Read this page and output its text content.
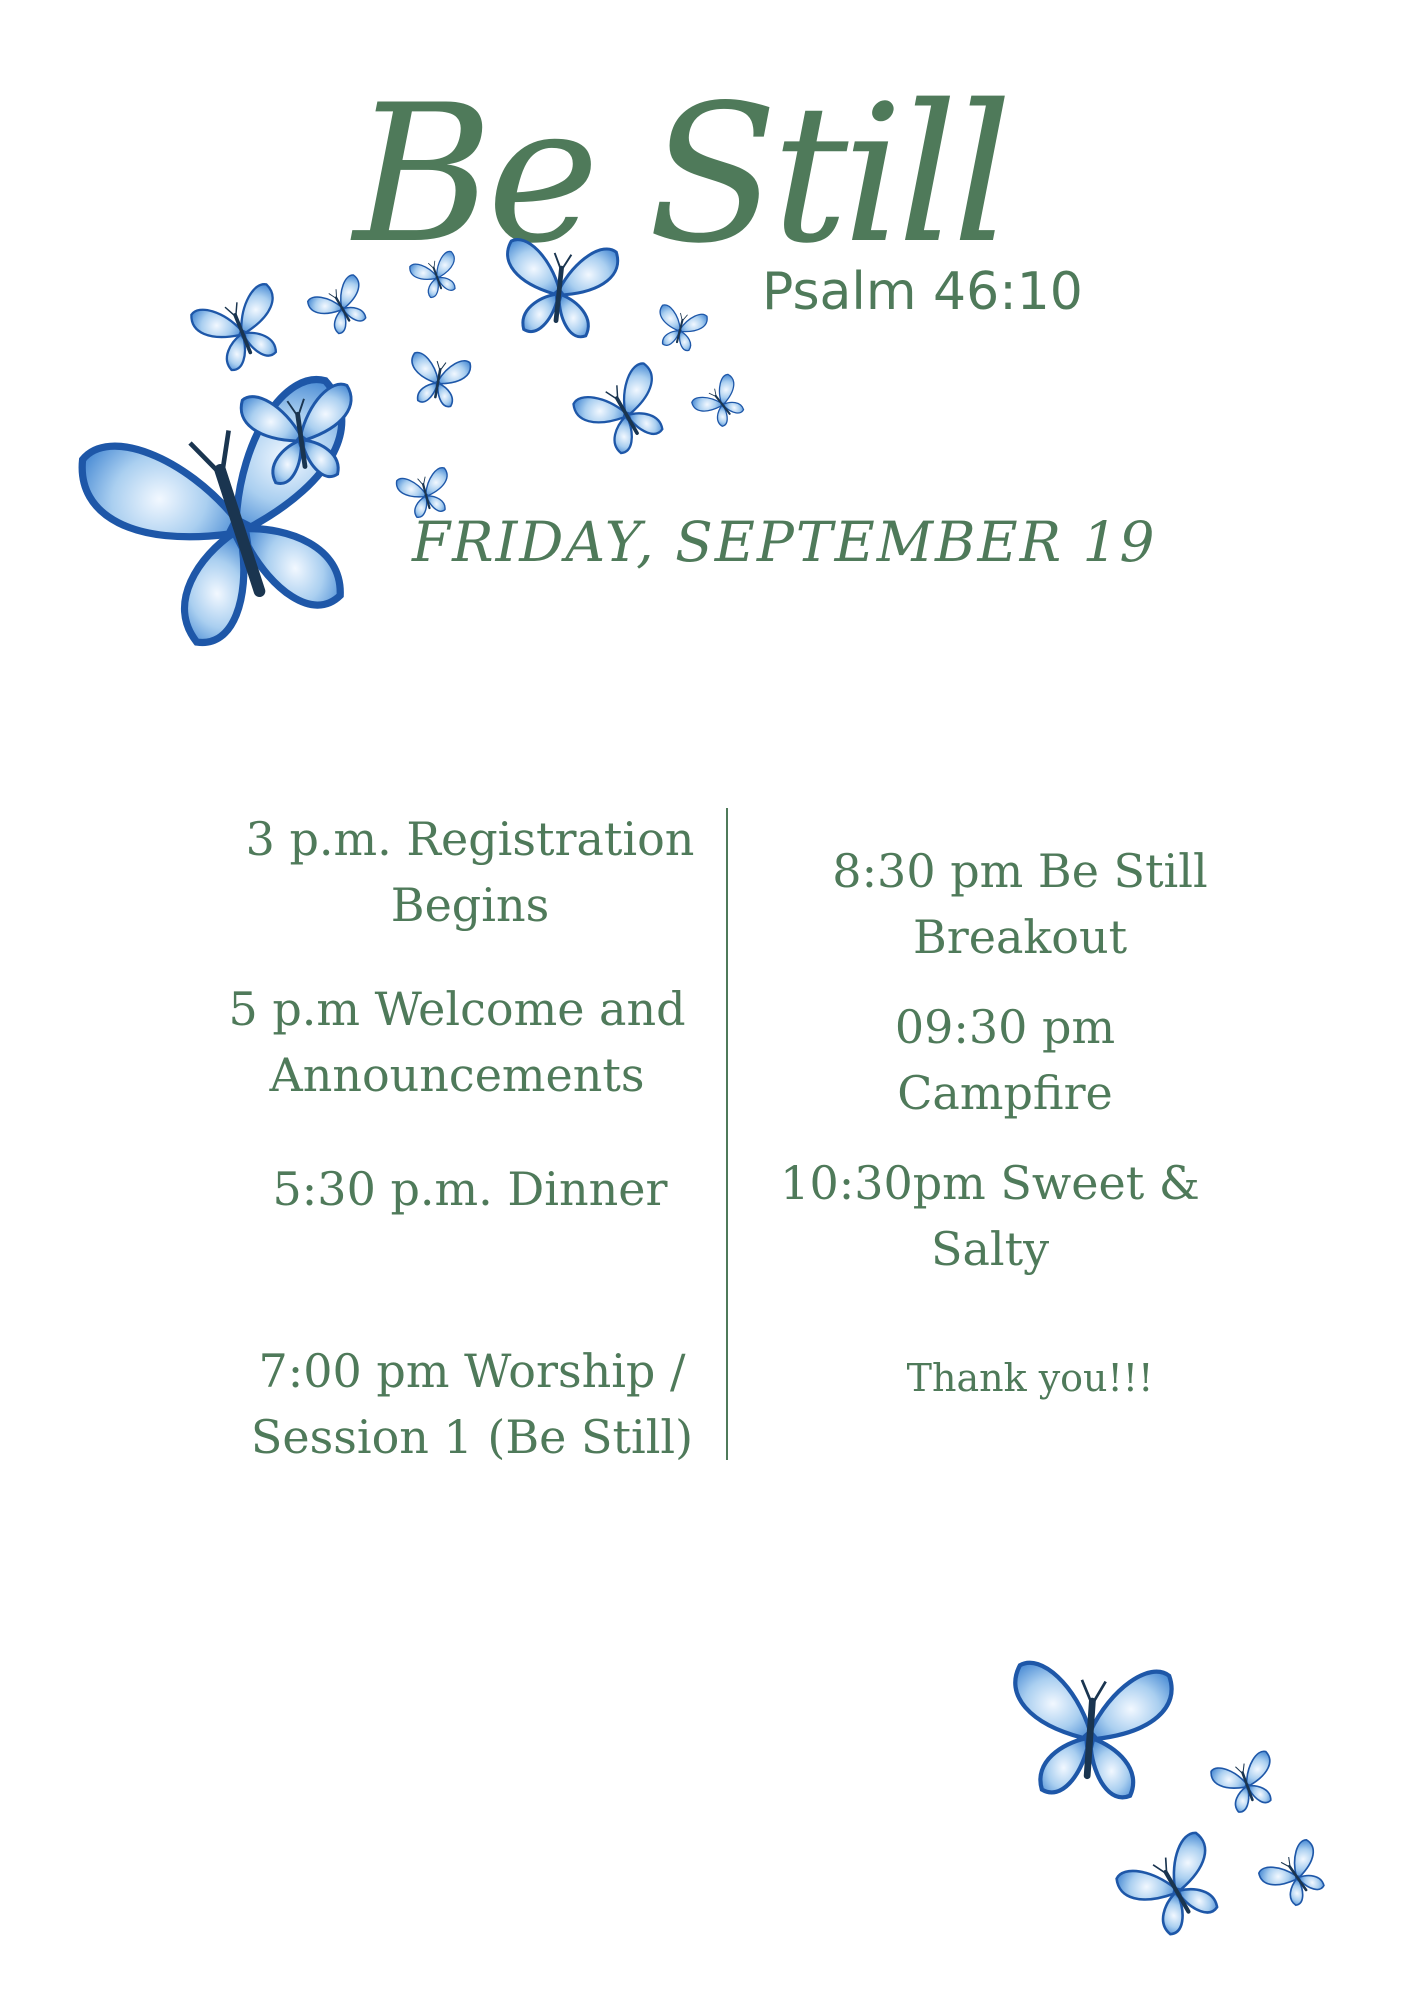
Be Still
Psalm 46:10
FRIDAY, SEPTEMBER 19
3 p.m. Registration
Begins
5 p.m Welcome and
Announcements
5:30 p.m. Dinner
7:00 pm Worship /
Session 1 (Be Still)
8:30 pm Be Still
Breakout
09:30 pm
Campfire
10:30pm Sweet &
Salty
Thank you!!!
